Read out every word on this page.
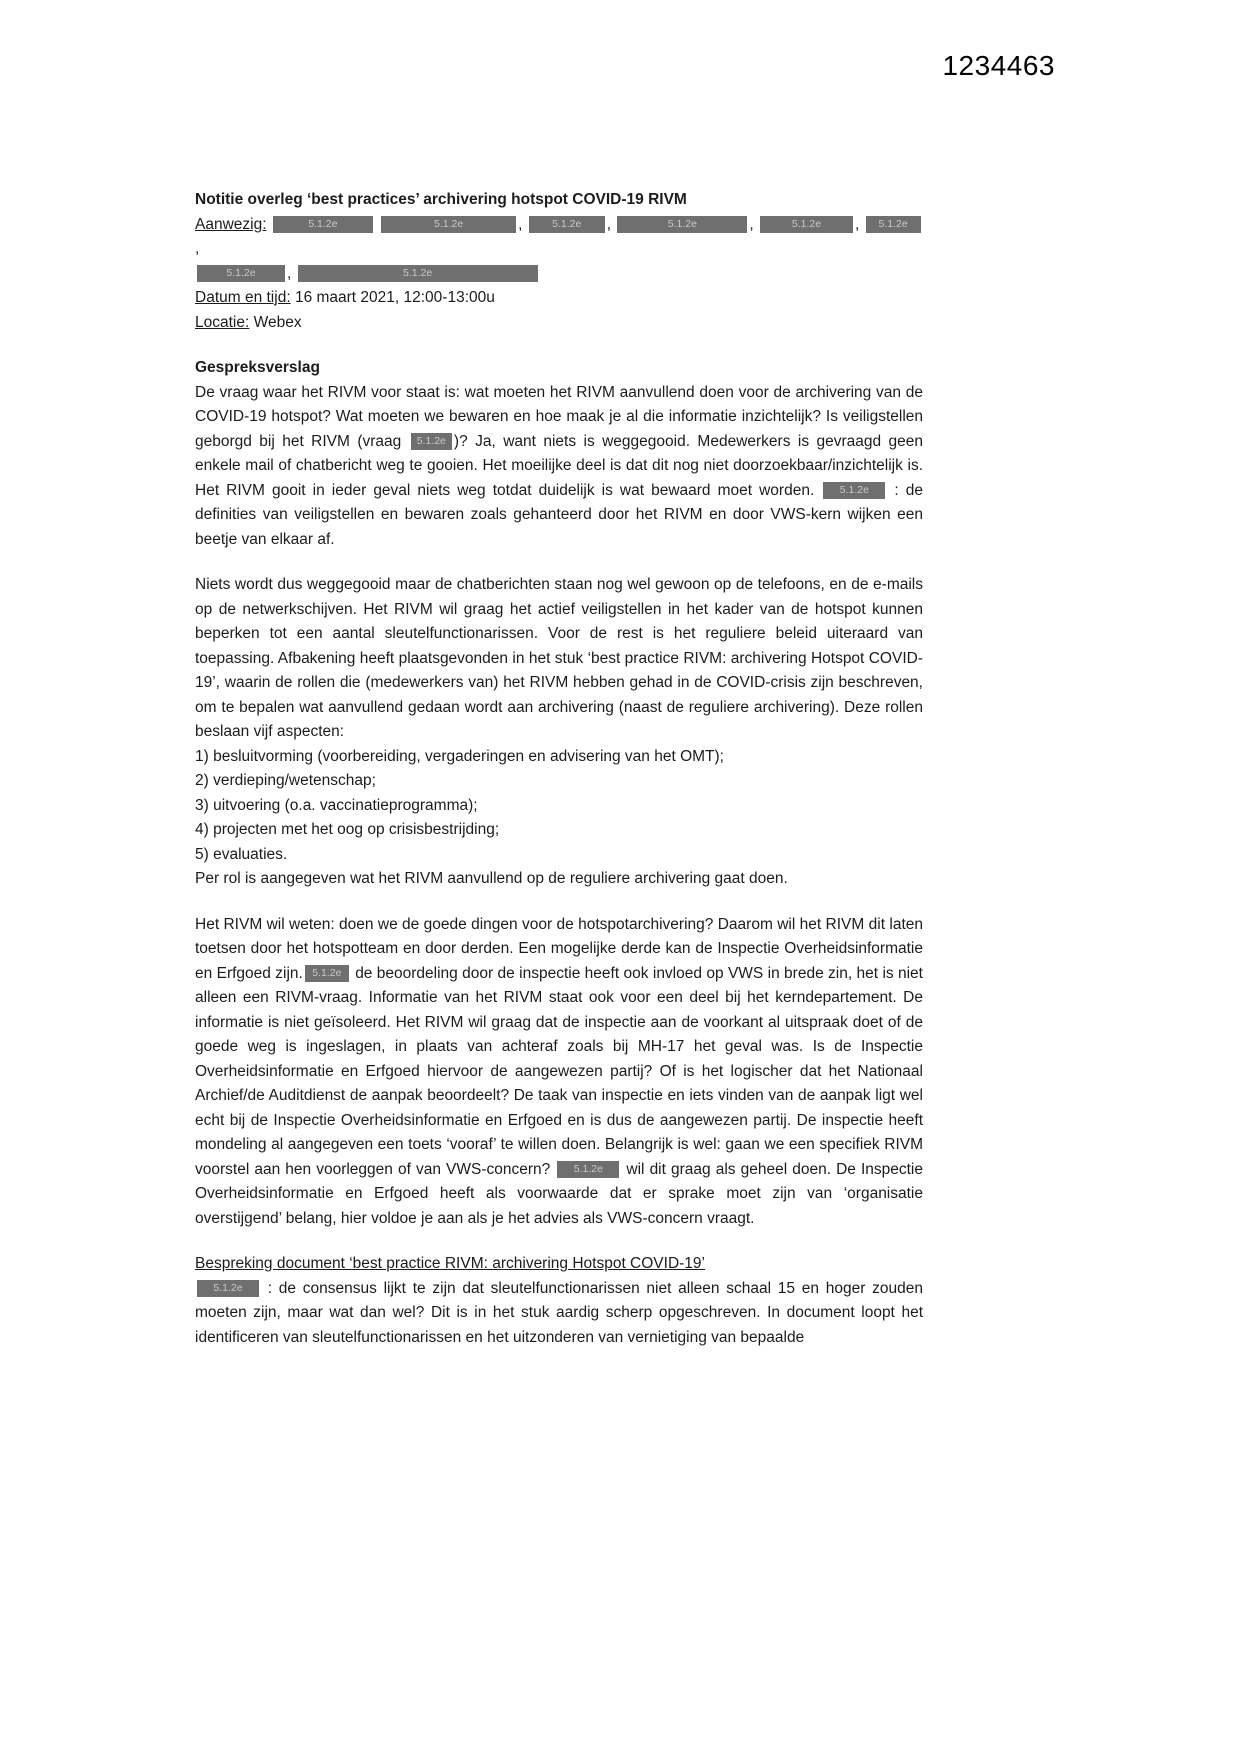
1234463
Notitie overleg ‘best practices’ archivering hotspot COVID-19 RIVM
Aanwezig:	5.1.2e	5.1.2e	, 5.1.2e ,	5.1.2e	,	5.1.2e , 5.1.2e,
5.1.2e ,	5.1.2e
Datum en tijd: 16 maart 2021, 12:00-13:00u
Locatie: Webex
Gespreksverslag
De vraag waar het RIVM voor staat is: wat moeten het RIVM aanvullend doen voor de archivering van de COVID-19 hotspot? Wat moeten we bewaren en hoe maak je al die informatie inzichtelijk? Is veiligstellen geborgd bij het RIVM (vraag 5.1.2e )? Ja, want niets is weggegooid. Medewerkers is gevraagd geen enkele mail of chatbericht weg te gooien. Het moeilijke deel is dat dit nog niet doorzoekbaar/inzichtelijk is. Het RIVM gooit in ieder geval niets weg totdat duidelijk is wat bewaard moet worden. 5.1.2e : de definities van veiligstellen en bewaren zoals gehanteerd door het RIVM en door VWS-kern wijken een beetje van elkaar af.
Niets wordt dus weggegooid maar de chatberichten staan nog wel gewoon op de telefoons, en de e-mails op de netwerkschijven. Het RIVM wil graag het actief veiligstellen in het kader van de hotspot kunnen beperken tot een aantal sleutelfunctionarissen. Voor de rest is het reguliere beleid uiteraard van toepassing. Afbakening heeft plaatsgevonden in het stuk ‘best practice RIVM: archivering Hotspot COVID-19’, waarin de rollen die (medewerkers van) het RIVM hebben gehad in de COVID-crisis zijn beschreven, om te bepalen wat aanvullend gedaan wordt aan archivering (naast de reguliere archivering). Deze rollen beslaan vijf aspecten:
1) besluitvorming (voorbereiding, vergaderingen en advisering van het OMT);
2) verdieping/wetenschap;
3) uitvoering (o.a. vaccinatieprogramma);
4) projecten met het oog op crisisbestrijding;
5) evaluaties.
Per rol is aangegeven wat het RIVM aanvullend op de reguliere archivering gaat doen.
Het RIVM wil weten: doen we de goede dingen voor de hotspotarchivering? Daarom wil het RIVM dit laten toetsen door het hotspotteam en door derden. Een mogelijke derde kan de Inspectie Overheidsinformatie en Erfgoed zijn. 5.1.2e de beoordeling door de inspectie heeft ook invloed op VWS in brede zin, het is niet alleen een RIVM-vraag. Informatie van het RIVM staat ook voor een deel bij het kerndepartement. De informatie is niet geïsoleerd. Het RIVM wil graag dat de inspectie aan de voorkant al uitspraak doet of de goede weg is ingeslagen, in plaats van achteraf zoals bij MH-17 het geval was. Is de Inspectie Overheidsinformatie en Erfgoed hiervoor de aangewezen partij? Of is het logischer dat het Nationaal Archief/de Auditdienst de aanpak beoordeelt? De taak van inspectie en iets vinden van de aanpak ligt wel echt bij de Inspectie Overheidsinformatie en Erfgoed en is dus de aangewezen partij. De inspectie heeft mondeling al aangegeven een toets ‘vooraf’ te willen doen. Belangrijk is wel: gaan we een specifiek RIVM voorstel aan hen voorleggen of van VWS-concern? 5.1.2e wil dit graag als geheel doen. De Inspectie Overheidsinformatie en Erfgoed heeft als voorwaarde dat er sprake moet zijn van ‘organisatie overstijgend’ belang, hier voldoe je aan als je het advies als VWS-concern vraagt.
Bespreking document ‘best practice RIVM: archivering Hotspot COVID-19’
5.1.2e : de consensus lijkt te zijn dat sleutelfunctionarissen niet alleen schaal 15 en hoger zouden moeten zijn, maar wat dan wel? Dit is in het stuk aardig scherp opgeschreven. In document loopt het identificeren van sleutelfunctionarissen en het uitzonderen van vernietiging van bepaalde
